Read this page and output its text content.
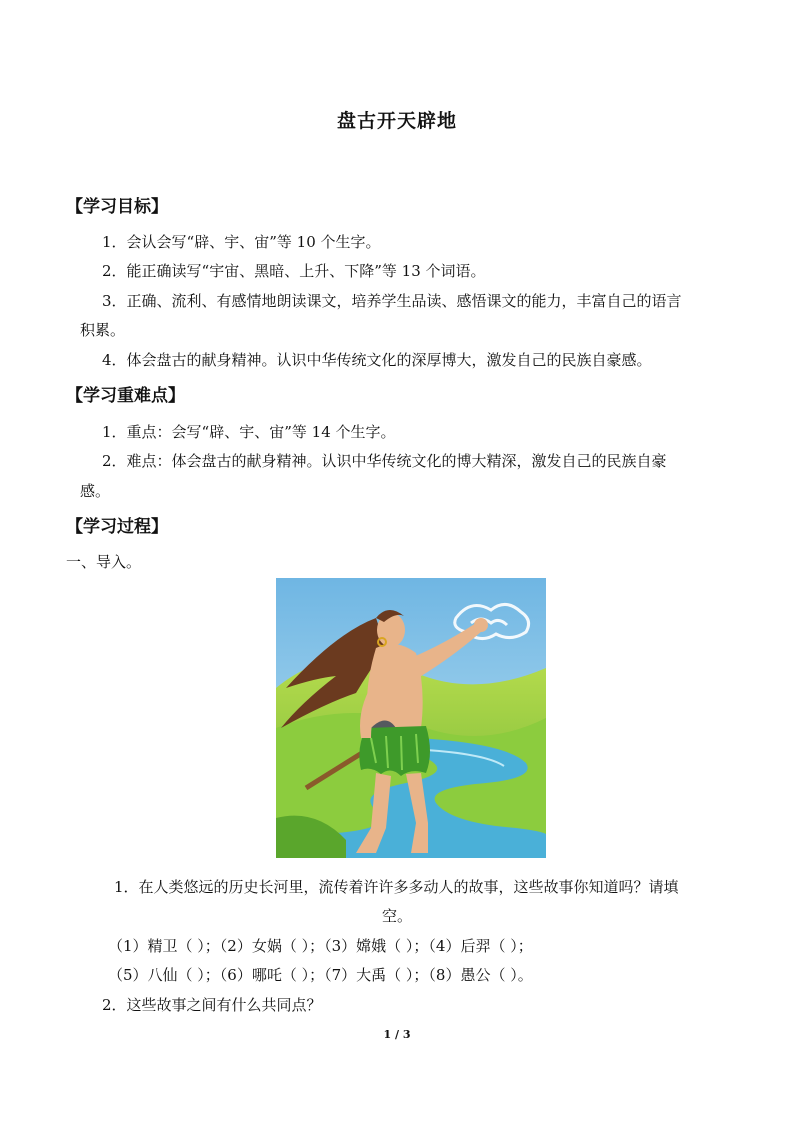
盘古开天辟地
【学习目标】
1．会认会写“辟、宇、宙”等 10 个生字。
2．能正确读写“宇宙、黑暗、上升、下降”等 13 个词语。
3．正确、流利、有感情地朗读课文，培养学生品读、感悟课文的能力，丰富自己的语言
积累。
4．体会盘古的献身精神。认识中华传统文化的深厚博大，激发自己的民族自豪感。
【学习重难点】
1．重点：会写“辟、宇、宙”等 14 个生字。
2．难点：体会盘古的献身精神。认识中华传统文化的博大精深，激发自己的民族自豪
感。
【学习过程】
一、导入。
1．在人类悠远的历史长河里，流传着许许多多动人的故事，这些故事你知道吗？请填
空。
（1）精卫（ ）；（2）女娲（ ）；（3）嫦娥（ ）；（4）后羿（ ）；
（5）八仙（ ）；（6）哪吒（ ）；（7）大禹（ ）；（8）愚公（ ）。
2．这些故事之间有什么共同点？
1 / 3
